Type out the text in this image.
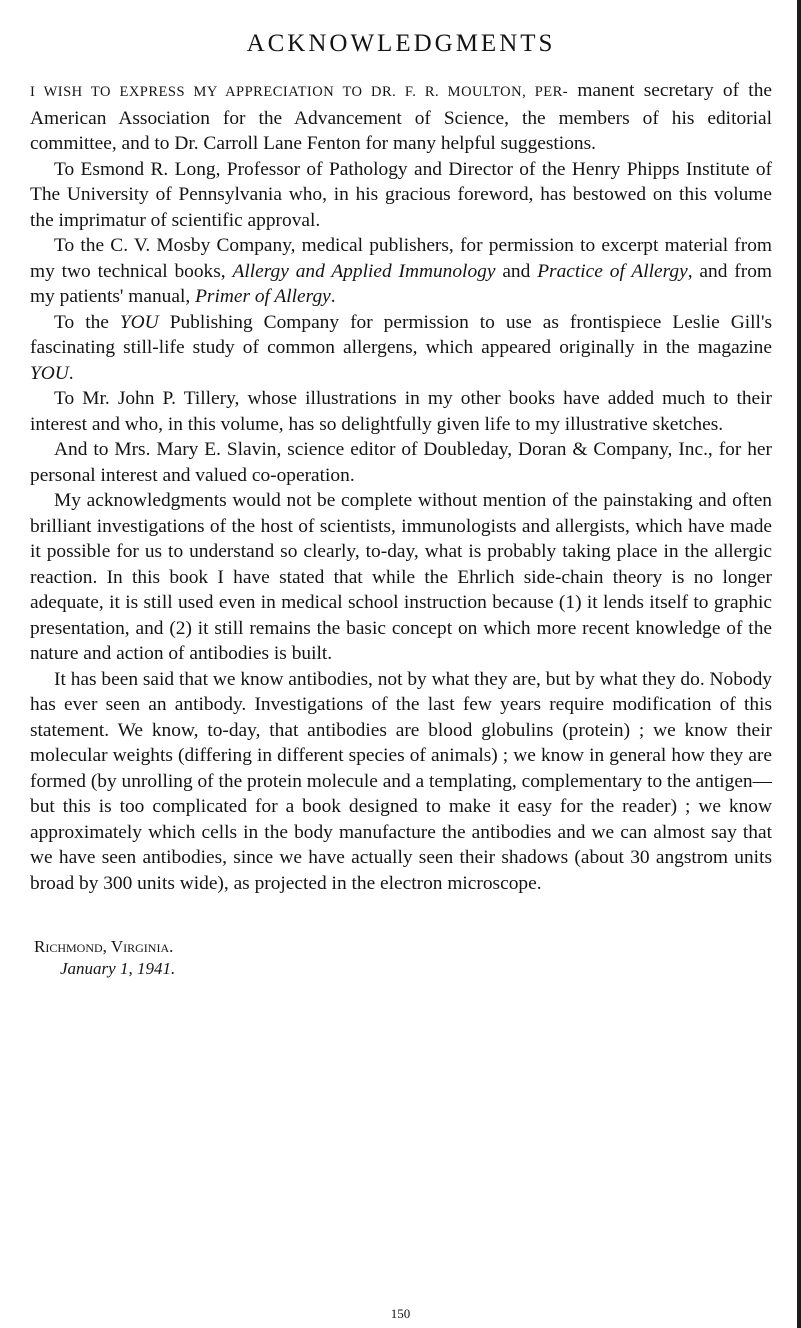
ACKNOWLEDGMENTS

I WISH TO EXPRESS MY APPRECIATION TO DR. F. R. MOULTON, PER- manent secretary of the American Association for the Advancement of Science, the members of his editorial committee, and to Dr. Carroll Lane Fenton for many helpful suggestions.

To Esmond R. Long, Professor of Pathology and Director of the Henry Phipps Institute of The University of Pennsylvania who, in his gracious foreword, has bestowed on this volume the imprimatur of scientific approval.

To the C. V. Mosby Company, medical publishers, for permission to excerpt material from my two technical books, Allergy and Applied Immunology and Practice of Allergy, and from my patients' manual, Primer of Allergy.

To the YOU Publishing Company for permission to use as frontispiece Leslie Gill's fascinating still-life study of common allergens, which appeared originally in the magazine YOU.

To Mr. John P. Tillery, whose illustrations in my other books have added much to their interest and who, in this volume, has so delightfully given life to my illustrative sketches.

And to Mrs. Mary E. Slavin, science editor of Doubleday, Doran & Company, Inc., for her personal interest and valued co-operation.

My acknowledgments would not be complete without mention of the painstaking and often brilliant investigations of the host of scientists, immunologists and allergists, which have made it possible for us to understand so clearly, to-day, what is probably taking place in the allergic reaction. In this book I have stated that while the Ehrlich side-chain theory is no longer adequate, it is still used even in medical school instruction because (1) it lends itself to graphic presentation, and (2) it still remains the basic concept on which more recent knowledge of the nature and action of antibodies is built.

It has been said that we know antibodies, not by what they are, but by what they do. Nobody has ever seen an antibody. Investigations of the last few years require modification of this statement. We know, to-day, that antibodies are blood globulins (protein) ; we know their molecular weights (differing in different species of animals) ; we know in general how they are formed (by unrolling of the protein molecule and a templating, complementary to the antigen—but this is too complicated for a book designed to make it easy for the reader) ; we know approximately which cells in the body manufacture the antibodies and we can almost say that we have seen antibodies, since we have actually seen their shadows (about 30 angstrom units broad by 300 units wide), as projected in the electron microscope.

Richmond, Virginia.
January 1, 1941.
150
